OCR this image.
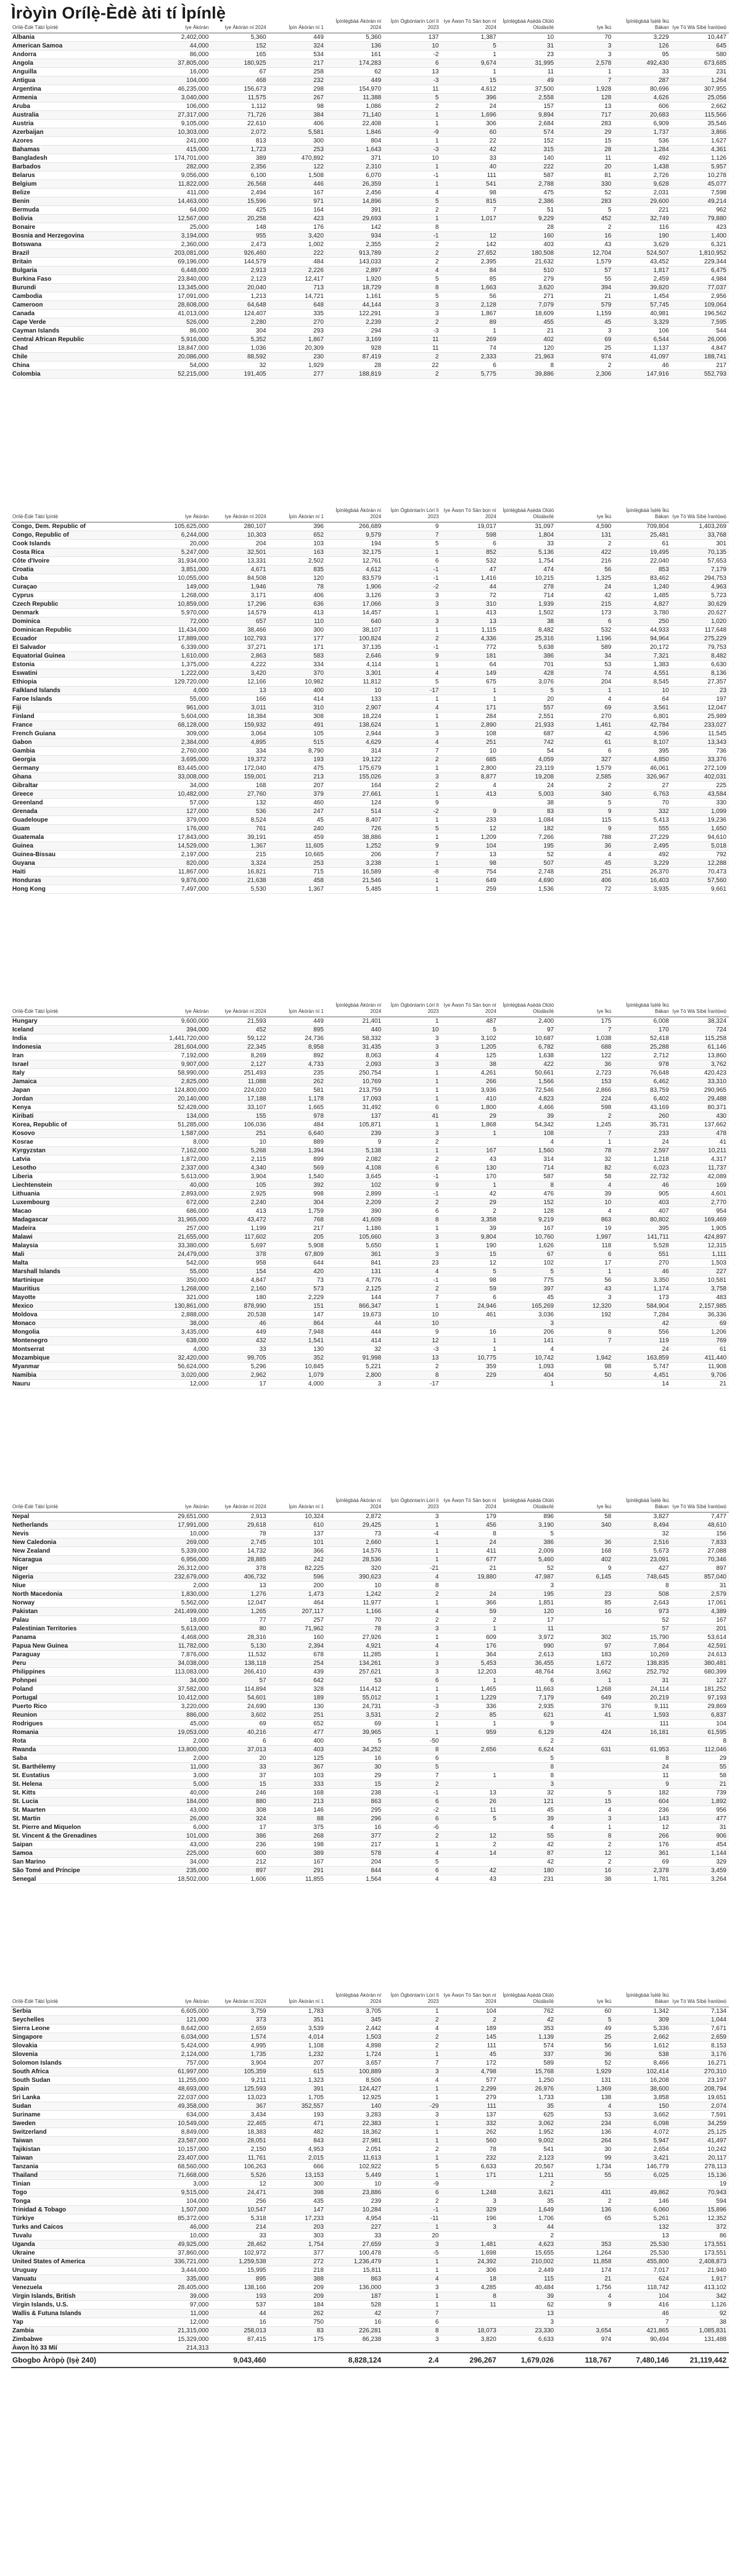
Ìròyìn Orílẹ̀-Èdè àti tí Ìpínlẹ̀
Orílẹ̀-Èdè Tàbí Ìpínlẹ̀	Iye Àkóràn	Iye Àkóràn ní 2024	Ìpín Àkóràn ní 1	Ìpínlẹ̀gbàá Àkóràn ní 2024	Ìpín Ògbóntarìn Lórí lì 2023	Iye Àwọn Tó Sàn bọn ní 2024	Ìpínlẹ̀gbàá Aṣẹ̀dá Olùlò Olúdàsílẹ̀	Iye Ìkú	Ìpínlẹ̀gbàá Ìṣẹ̀lẹ̀ Ìkú Bákan	Iye Tó Wà Síbẹ̀ Ìranlọ́wọ́
Albania	2,402,000	5,360	449	5,360	137	1,387	10	70	3,229	10,447
American Samoa	44,000	152	324	136	10	5	31	3	126	645
Andorra	86,000	165	534	161	-2	1	23	3	95	580
Angola	37,805,000	180,925	217	174,283	6	9,674	31,995	2,578	492,430	673,685
Anguilla	16,000	67	258	62	13	1	11	1	33	231
Antigua	104,000	468	232	449	-3	15	49	7	287	1,264
Argentina	46,235,000	156,673	298	154,970	11	4,612	37,500	1,928	80,696	307,955
Armenia	3,040,000	11,575	267	11,388	5	396	2,558	128	4,626	25,056
Aruba	106,000	1,112	98	1,086	2	24	157	13	606	2,662
Australia	27,317,000	71,726	384	71,140	1	1,696	9,894	717	20,683	115,566
Austria	9,105,000	22,610	406	22,408	1	306	2,684	283	6,909	35,546
Azerbaijan	10,303,000	2,072	5,581	1,846	-9	60	574	29	1,737	3,866
Azores	241,000	813	300	804	1	22	152	15	536	1,627
Bahamas	415,000	1,723	253	1,643	-3	42	315	28	1,284	4,361
Bangladesh	174,701,000	389	470,892	371	10	33	140	11	492	1,126
Barbados	282,000	2,356	122	2,310	1	40	222	20	1,438	5,957
Belarus	9,056,000	6,100	1,508	6,070	-1	111	587	81	2,726	10,278
Belgium	11,822,000	26,568	446	26,359	1	541	2,788	330	9,628	45,077
Belize	411,000	2,494	167	2,456	4	98	475	52	2,031	7,598
Benin	14,463,000	15,596	971	14,896	5	815	2,386	283	29,600	49,214
Bermuda	64,000	425	164	391	2	7	51	5	221	962
Bolivia	12,567,000	20,258	423	29,693	1	1,017	9,229	452	32,749	79,880
Bonaire	25,000	148	176	142	8		28	2	116	423
Bosnia and Herzegovina	3,194,000	955	3,420	934	-1	12	160	16	190	1,400
Botswana	2,360,000	2,473	1,002	2,355	2	142	403	43	3,629	6,321
Brazil	203,081,000	926,460	222	913,789	2	27,652	180,508	12,704	524,507	1,810,952
Britain	69,196,000	144,579	484	143,033	2	2,395	21,632	1,579	43,452	229,344
Bulgaria	6,448,000	2,913	2,226	2,897	4	84	510	57	1,817	6,475
Burkina Faso	23,840,000	2,123	12,417	1,920	5	85	279	55	2,459	4,984
Burundi	13,345,000	20,040	713	18,729	8	1,663	3,620	394	39,820	77,037
Cambodia	17,091,000	1,213	14,721	1,161	5	56	271	21	1,454	2,956
Cameroon	28,608,000	64,648	648	44,144	3	2,128	7,079	579	57,745	109,064
Canada	41,013,000	124,407	335	122,291	3	1,867	18,609	1,159	40,981	196,562
Cape Verde	526,000	2,280	270	2,239	2	89	455	45	3,329	7,595
Cayman Islands	86,000	304	293	294	-3	1	21	3	106	544
Central African Republic	5,916,000	5,352	1,867	3,169	11	269	402	69	6,544	26,006
Chad	18,847,000	1,036	20,309	928	11	74	120	25	1,137	4,847
Chile	20,086,000	88,592	230	87,419	2	2,333	21,963	974	41,097	188,741
China	54,000	32	1,929	28	22	6	8	2	46	217
Colombia	52,215,000	191,405	277	188,819	2	5,775	39,886	2,306	147,916	552,793
Orílẹ̀-Èdè Tàbí Ìpínlẹ̀	Iye Àkóràn	Iye Àkóràn ní 2024	Ìpín Àkóràn ní 1	Ìpínlẹ̀gbàá Àkóràn ní 2024	Ìpín Ògbóntarìn Lórí lì 2023	Iye Àwọn Tó Sàn bọn ní 2024	Ìpínlẹ̀gbàá Aṣẹ̀dá Olùlò Olúdàsílẹ̀	Iye Ìkú	Ìpínlẹ̀gbàá Ìṣẹ̀lẹ̀ Ìkú Bákan	Iye Tó Wà Síbẹ̀ Ìranlọ́wọ́
Congo, Dem. Republic of	105,625,000	280,107	396	266,689	9	19,017	31,097	4,590	709,804	1,403,269
Congo, Republic of	6,244,000	10,303	652	9,579	7	598	1,804	131	25,481	33,768
Cook Islands	20,000	204	103	194	5	6	33	2	61	301
Costa Rica	5,247,000	32,501	163	32,175	1	852	5,136	422	19,495	70,135
Côte d'Ivoire	31,934,000	13,331	2,502	12,761	6	532	1,754	216	22,040	57,653
Croatia	3,851,000	4,671	835	4,612	-1	47	474	56	853	7,179
Cuba	10,055,000	84,508	120	83,579	-1	1,416	10,215	1,325	83,462	294,753
Curaçao	149,000	1,946	78	1,906	-2	44	278	24	1,240	4,963
Cyprus	1,268,000	3,171	406	3,126	3	72	714	42	1,485	5,723
Czech Republic	10,859,000	17,296	636	17,066	3	310	1,939	215	4,827	30,629
Denmark	5,970,000	14,579	413	14,457	1	413	1,502	173	3,780	20,627
Dominica	72,000	657	110	640	3	13	38	6	250	1,020
Dominican Republic	11,434,000	38,466	300	38,107	1	1,115	8,482	532	44,933	117,648
Ecuador	17,889,000	102,793	177	100,824	2	4,336	25,316	1,196	94,964	275,229
El Salvador	6,339,000	37,271	171	37,135	-1	772	5,638	589	20,172	79,753
Equatorial Guinea	1,610,000	2,863	583	2,646	9	181	386	34	7,321	8,482
Estonia	1,375,000	4,222	334	4,114	1	64	701	53	1,383	6,630
Eswatini	1,222,000	3,420	370	3,301	4	149	428	74	4,551	8,136
Ethiopia	129,720,000	12,166	10,982	11,812	5	675	3,076	204	8,545	27,357
Falkland Islands	4,000	13	400	10	-17	1	5	1	10	23
Faroe Islands	55,000	166	414	133	1	1	20	4	64	197
Fiji	961,000	3,011	310	2,907	4	171	557	69	3,561	12,047
Finland	5,604,000	18,384	308	18,224	1	284	2,551	270	6,801	25,989
France	68,128,000	159,932	491	138,624	1	2,890	21,933	1,461	42,784	233,027
French Guiana	309,000	3,064	105	2,944	3	108	687	42	4,596	11,545
Gabon	2,384,000	4,895	515	4,629	4	251	742	61	8,107	13,343
Gambia	2,760,000	334	8,790	314	7	10	54	6	395	736
Georgia	3,695,000	19,372	193	19,122	2	685	4,059	327	4,850	33,376
Germany	83,445,000	172,040	475	175,679	1	2,800	23,119	1,579	46,061	272,109
Ghana	33,008,000	159,001	213	155,026	3	8,877	19,208	2,585	326,967	402,031
Gibraltar	34,000	168	207	164	2	4	24	2	27	225
Greece	10,482,000	27,760	379	27,661	1	413	5,003	340	6,763	43,584
Greenland	57,000	132	460	124	9		38	5	70	330
Grenada	127,000	536	247	514	-2	9	83	9	332	1,099
Guadeloupe	379,000	8,524	45	8,407	1	233	1,084	115	5,413	19,236
Guam	176,000	761	240	726	5	12	182	9	555	1,650
Guatemala	17,843,000	39,191	459	38,886	1	1,209	7,266	788	27,229	94,610
Guinea	14,529,000	1,367	11,605	1,252	9	104	195	36	2,495	5,018
Guinea-Bissau	2,197,000	215	10,665	206	7	13	52	4	492	792
Guyana	820,000	3,324	253	3,238	1	98	507	45	3,229	12,288
Haiti	11,867,000	16,821	715	16,589	-8	754	2,748	251	26,370	70,473
Honduras	9,876,000	21,638	458	21,546	1	649	4,690	406	16,403	57,560
Hong Kong	7,497,000	5,530	1,367	5,485	1	259	1,536	72	3,935	9,661
Orílẹ̀-Èdè Tàbí Ìpínlẹ̀	Iye Àkóràn	Iye Àkóràn ní 2024	Ìpín Àkóràn ní 1	Ìpínlẹ̀gbàá Àkóràn ní 2024	Ìpín Ògbóntarìn Lórí lì 2023	Iye Àwọn Tó Sàn bọn ní 2024	Ìpínlẹ̀gbàá Aṣẹ̀dá Olùlò Olúdàsílẹ̀	Iye Ìkú	Ìpínlẹ̀gbàá Ìṣẹ̀lẹ̀ Ìkú Bákan	Iye Tó Wà Síbẹ̀ Ìranlọ́wọ́
Hungary	9,600,000	21,593	449	21,401	1	487	2,400	175	6,008	38,324
Iceland	394,000	452	895	440	10	5	97	7	170	724
India	1,441,720,000	59,122	24,736	58,332	3	3,102	10,687	1,038	52,418	115,258
Indonesia	281,604,000	22,345	8,958	31,435	3	1,205	6,782	688	25,288	61,146
Iran	7,192,000	8,269	892	8,063	4	125	1,638	122	2,712	13,860
Israel	9,907,000	2,127	4,733	2,093	3	38	422	36	978	3,762
Italy	58,990,000	251,493	235	250,754	1	4,261	50,661	2,723	76,648	420,423
Jamaica	2,825,000	11,088	262	10,769	1	266	1,566	153	6,462	33,310
Japan	124,800,000	224,020	581	213,759	1	3,936	72,546	2,866	83,759	290,965
Jordan	20,140,000	17,188	1,178	17,093	1	410	4,823	224	6,402	29,488
Kenya	52,428,000	33,107	1,665	31,492	6	1,800	4,466	598	43,169	80,371
Kiribati	134,000	155	978	137	41	29	39	2	260	430
Korea, Republic of	51,285,000	106,036	484	105,871	1	1,868	54,342	1,245	35,731	137,662
Kosovo	1,587,000	251	6,640	239	3	1	108	7	233	478
Kosrae	8,000	10	889	9	2		4	1	24	41
Kyrgyzstan	7,162,000	5,268	1,394	5,138	1	167	1,560	78	2,597	10,211
Latvia	1,872,000	2,115	899	2,082	2	43	314	32	1,218	4,317
Lesotho	2,337,000	4,340	569	4,108	6	130	714	82	6,023	11,737
Liberia	5,613,000	3,904	1,540	3,645	-1	170	587	58	22,732	42,089
Liechtenstein	40,000	105	392	102	9	1	8	4	46	169
Lithuania	2,893,000	2,925	998	2,899	-1	42	476	39	905	4,601
Luxembourg	672,000	2,240	304	2,209	2	29	152	10	403	2,770
Macao	686,000	413	1,759	390	6	2	128	4	407	954
Madagascar	31,965,000	43,472	768	41,609	8	3,358	9,219	863	80,802	169,469
Madeira	257,000	1,199	217	1,186	1	39	167	19	395	1,905
Malawi	21,655,000	117,602	205	105,660	3	9,804	10,760	1,997	141,711	424,897
Malaysia	33,380,000	5,697	5,908	5,650	1	190	1,626	118	5,528	12,315
Mali	24,479,000	378	67,809	361	3	15	67	6	551	1,111
Malta	542,000	958	644	841	23	12	102	17	270	1,503
Marshall Islands	55,000	154	420	131	4	5	5	1	46	227
Martinique	350,000	4,847	73	4,776	-1	98	775	56	3,350	10,581
Mauritius	1,268,000	2,160	573	2,125	2	59	397	43	1,174	3,758
Mayotte	321,000	180	2,229	144	7	6	45	3	173	483
Mexico	130,861,000	878,990	151	866,347	1	24,946	165,269	12,320	584,904	2,157,985
Moldova	2,888,000	20,538	147	19,673	10	461	3,036	192	7,284	36,336
Monaco	38,000	46	864	44	10		3		42	69
Mongolia	3,435,000	449	7,948	444	9	16	206	8	556	1,206
Montenegro	638,000	432	1,541	414	12	1	141	7	119	769
Montserrat	4,000	33	130	32	-3	1	4		24	61
Mozambique	32,420,000	99,705	352	91,998	13	10,775	10,742	1,942	163,859	411,440
Myanmar	56,624,000	5,296	10,845	5,221	2	359	1,093	98	5,747	11,908
Namibia	3,020,000	2,962	1,079	2,800	8	229	404	50	4,451	9,706
Nauru	12,000	17	4,000	3	-17		1		14	21
Orílẹ̀-Èdè Tàbí Ìpínlẹ̀	Iye Àkóràn	Iye Àkóràn ní 2024	Ìpín Àkóràn ní 1	Ìpínlẹ̀gbàá Àkóràn ní 2024	Ìpín Ògbóntarìn Lórí lì 2023	Iye Àwọn Tó Sàn bọn ní 2024	Ìpínlẹ̀gbàá Aṣẹ̀dá Olùlò Olúdàsílẹ̀	Iye Ìkú	Ìpínlẹ̀gbàá Ìṣẹ̀lẹ̀ Ìkú Bákan	Iye Tó Wà Síbẹ̀ Ìranlọ́wọ́
Nepal	29,651,000	2,913	10,324	2,872	3	179	896	58	3,827	7,477
Netherlands	17,991,000	29,618	610	29,425	1	456	3,190	340	8,494	48,610
Nevis	10,000	78	137	73	-4	8	5		32	156
New Caledonia	269,000	2,745	101	2,660	1	24	386	36	2,516	7,833
New Zealand	5,339,000	14,732	366	14,576	1	411	2,009	168	5,673	27,088
Nicaragua	6,956,000	28,885	242	28,536	1	677	5,460	402	23,091	70,346
Niger	26,312,000	378	82,225	320	-21	21	52	9	427	897
Nigeria	232,679,000	406,732	596	390,623	4	19,880	47,987	6,145	748,645	857,040
Niue	2,000	13	200	10	8		3		8	31
North Macedonia	1,830,000	1,276	1,473	1,242	2	24	195	23	508	2,579
Norway	5,562,000	12,047	464	11,977	1	366	1,851	85	2,643	17,061
Pakistan	241,499,000	1,265	207,117	1,166	4	59	120	16	973	4,389
Palau	18,000	77	257	70	2	2	17		52	167
Palestinian Territories	5,613,000	80	71,962	78	3	1	11		57	201
Panama	4,468,000	28,316	160	27,926	1	609	3,972	302	15,790	53,614
Papua New Guinea	11,782,000	5,130	2,394	4,921	4	176	990	97	7,864	42,591
Paraguay	7,876,000	11,532	678	11,285	1	364	2,613	183	10,269	24,613
Peru	34,038,000	138,118	254	134,261	3	5,453	36,455	1,672	138,835	380,481
Philippines	113,083,000	266,410	439	257,621	3	12,203	48,764	3,662	252,792	680,399
Pohnpei	34,000	57	642	53	6	1	6	1	31	127
Poland	37,582,000	114,894	328	114,412	1	1,465	11,663	1,268	24,114	181,252
Portugal	10,412,000	54,601	189	55,012	1	1,229	7,179	649	20,219	97,193
Puerto Rico	3,220,000	24,690	130	24,731	-3	336	2,935	376	9,111	29,869
Reunion	886,000	3,602	251	3,531	2	85	621	41	1,593	6,837
Rodrigues	45,000	69	652	69	1	1	9		111	104
Romania	19,053,000	40,216	477	39,965	1	959	6,129	424	16,181	61,595
Rota	2,000	6	400	5	-50		2			8
Rwanda	13,800,000	37,013	403	34,252	8	2,656	6,624	631	61,953	112,046
Saba	2,000	20	125	16	6		5		8	29
St. Barthélemy	11,000	33	367	30	5		8		24	55
St. Eustatius	3,000	37	103	29	7	1	8		11	58
St. Helena	5,000	15	333	15	2		3		9	21
St. Kitts	40,000	246	168	238	-1	13	32	5	182	739
St. Lucia	184,000	880	213	863	6	26	121	15	604	1,892
St. Maarten	43,000	308	146	295	-2	11	45	4	236	956
St. Martin	26,000	324	88	296	6	5	39	3	143	477
St. Pierre and Miquelon	6,000	17	375	16	-6		4	1	12	31
St. Vincent & the Grenadines	101,000	386	268	377	2	12	55	8	266	906
Saipan	43,000	236	198	217	1	2	42	2	176	454
Samoa	225,000	600	389	578	4	14	87	12	361	1,144
San Marino	34,000	212	167	204	5		42	2	69	329
São Tomé and Príncipe	235,000	897	291	844	6	42	180	16	2,378	3,459
Senegal	18,502,000	1,606	11,855	1,564	4	43	231	38	1,781	3,264
Orílẹ̀-Èdè Tàbí Ìpínlẹ̀	Iye Àkóràn	Iye Àkóràn ní 2024	Ìpín Àkóràn ní 1	Ìpínlẹ̀gbàá Àkóràn ní 2024	Ìpín Ògbóntarìn Lórí lì 2023	Iye Àwọn Tó Sàn bọn ní 2024	Ìpínlẹ̀gbàá Aṣẹ̀dá Olùlò Olúdàsílẹ̀	Iye Ìkú	Ìpínlẹ̀gbàá Ìṣẹ̀lẹ̀ Ìkú Bákan	Iye Tó Wà Síbẹ̀ Ìranlọ́wọ́
Serbia	6,605,000	3,759	1,783	3,705	1	104	762	60	1,342	7,134
Seychelles	121,000	373	351	345	2	2	42	5	309	1,044
Sierra Leone	8,642,000	2,659	3,539	2,442	4	189	353	49	5,336	7,671
Singapore	6,034,000	1,574	4,014	1,503	2	145	1,139	25	2,662	2,659
Slovakia	5,424,000	4,995	1,108	4,898	2	111	574	56	1,612	8,153
Slovenia	2,124,000	1,735	1,232	1,724	1	45	337	36	538	3,176
Solomon Islands	757,000	3,904	207	3,657	7	172	589	52	8,466	16,271
South Africa	61,997,000	105,359	615	100,889	3	4,798	15,768	1,929	102,414	270,310
South Sudan	11,255,000	9,211	1,323	8,506	4	577	1,250	131	16,208	23,197
Spain	48,693,000	125,593	391	124,427	1	2,299	26,976	1,369	38,600	208,794
Sri Lanka	22,037,000	13,023	1,705	12,925	1	279	1,733	138	3,858	19,651
Sudan	49,358,000	367	352,557	140	-29	111	35	4	150	2,074
Suriname	634,000	3,434	193	3,283	3	137	625	53	3,662	7,591
Sweden	10,549,000	22,465	471	22,383	1	332	3,062	234	6,098	34,259
Switzerland	8,849,000	18,383	482	18,362	1	262	1,952	136	4,072	25,125
Taiwan	23,587,000	28,051	843	27,981	1	560	9,002	264	5,947	41,497
Tajikistan	10,157,000	2,150	4,953	2,051	2	78	541	30	2,654	10,242
Taiwan	23,407,000	11,761	2,015	11,613	1	232	2,123	99	3,421	20,117
Tanzania	68,560,000	106,263	666	102,922	5	6,633	20,567	1,734	146,779	278,113
Thailand	71,668,000	5,526	13,153	5,449	1	171	1,211	55	6,025	15,136
Tinian	3,000	12	300	10	-9		2			19
Togo	9,515,000	24,471	398	23,886	6	1,248	3,621	431	49,862	70,943
Tonga	104,000	256	435	239	2	3	35	2	146	594
Trinidad & Tobago	1,507,000	10,547	147	10,284	-1	329	1,649	136	6,060	15,896
Türkiye	85,372,000	5,318	17,233	4,954	-11	196	1,706	65	5,261	12,352
Turks and Caicos	46,000	214	203	227	1	3	44		132	372
Tuvalu	10,000	33	303	33	20		2		13	86
Uganda	49,925,000	28,462	1,754	27,659	3	1,481	4,623	353	25,530	173,551
Ukraine	37,860,000	102,972	377	100,478	-5	1,698	15,655	1,264	25,530	173,551
United States of America	336,721,000	1,259,538	272	1,236,479	1	24,392	210,002	11,858	455,800	2,408,873
Uruguay	3,444,000	15,995	218	15,811	1	306	2,449	174	7,017	21,940
Vanuatu	335,000	895	388	863	4	18	115	21	624	1,917
Venezuela	28,405,000	138,166	209	136,000	3	4,285	40,484	1,756	118,742	413,102
Virgin Islands, British	39,000	193	209	187	1	8	39	4	104	342
Virgin Islands, U.S.	97,000	537	184	528	1	11	62	9	416	1,126
Wallis & Futuna Islands	11,000	44	262	42	7		13		46	92
Yap	12,000	16	750	16	6		3		7	38
Zambia	21,315,000	258,013	83	226,281	8	18,073	23,330	3,654	421,865	1,085,831
Zimbabwe	15,329,000	87,415	175	86,238	3	3,820	6,633	974	90,494	131,488
Àwọn Ìtọ́ 33 Mìí	214,313									
Gbogbo Àròpọ̀ (Iṣẹ̀ 240)		9,043,460		8,828,124	2.4	296,267	1,679,026	118,767	7,480,146	21,119,442
